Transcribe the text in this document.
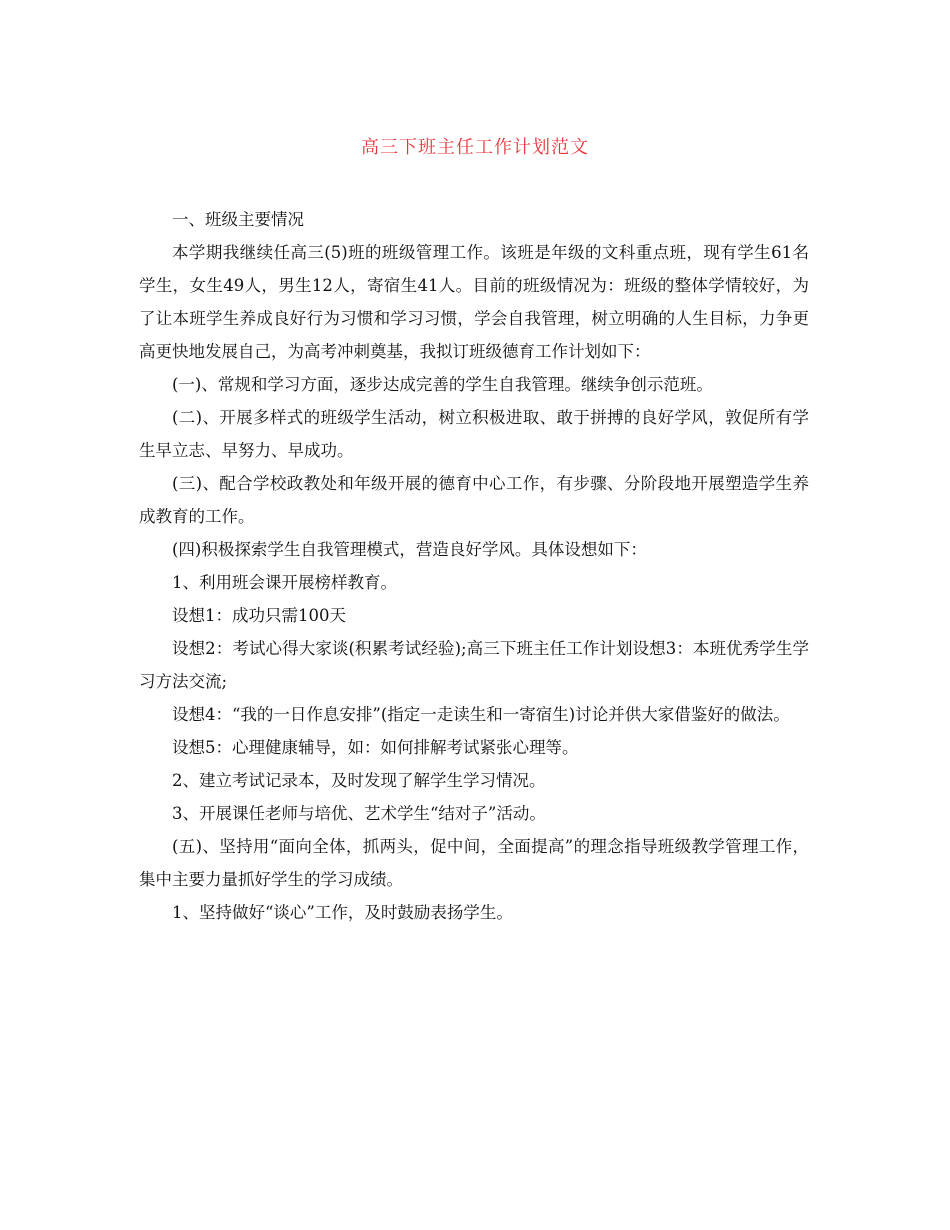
高三下班主任工作计划范文

一、班级主要情况

本学期我继续任高三(5)班的班级管理工作。该班是年级的文科重点班，现有学生61名学生，女生49人，男生12人，寄宿生41人。目前的班级情况为：班级的整体学情较好，为了让本班学生养成良好行为习惯和学习习惯，学会自我管理，树立明确的人生目标，力争更高更快地发展自己，为高考冲刺奠基，我拟订班级德育工作计划如下：

(一)、常规和学习方面，逐步达成完善的学生自我管理。继续争创示范班。

(二)、开展多样式的班级学生活动，树立积极进取、敢于拼搏的良好学风，敦促所有学生早立志、早努力、早成功。

(三)、配合学校政教处和年级开展的德育中心工作，有步骤、分阶段地开展塑造学生养成教育的工作。

(四)积极探索学生自我管理模式，营造良好学风。具体设想如下：

1、利用班会课开展榜样教育。

设想1：成功只需100天

设想2：考试心得大家谈(积累考试经验);高三下班主任工作计划设想3：本班优秀学生学习方法交流;

设想4：“我的一日作息安排”(指定一走读生和一寄宿生)讨论并供大家借鉴好的做法。

设想5：心理健康辅导，如：如何排解考试紧张心理等。

2、建立考试记录本，及时发现了解学生学习情况。

3、开展课任老师与培优、艺术学生“结对子”活动。

(五)、坚持用“面向全体，抓两头，促中间，全面提高”的理念指导班级教学管理工作，集中主要力量抓好学生的学习成绩。

1、坚持做好“谈心”工作，及时鼓励表扬学生。
